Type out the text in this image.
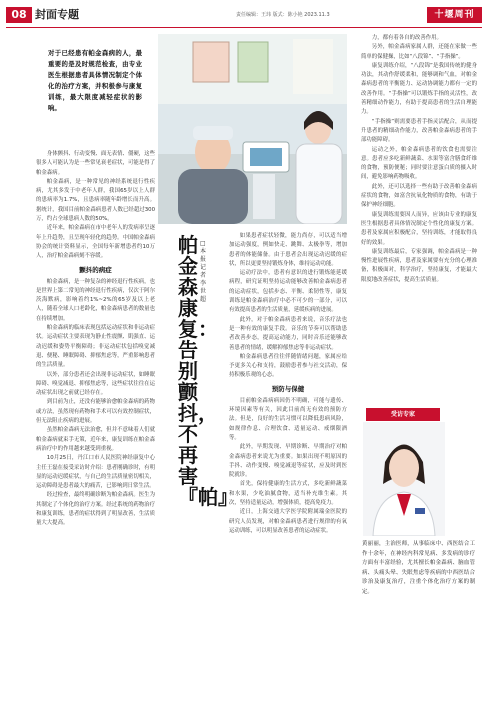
08 封面专题	责任编辑：王玮 版式：陈小艳 2023.11.3	十堰周刊
对于已经患有帕金森病的人，最重要的是及时规范检查，由专业医生根据患者具体情况制定个体化的治疗方案，并积极参与康复训练，最大限度减轻症状的影响。

身体颤抖、行动变慢、面无表情、僵硬，这些很多人可能认为是一些常见衰老症状，可能是得了帕金森病。

帕金森病，是一种常见的神经系统退行性疾病，尤其多发于中老年人群，我国65岁以上人群的患病率为1.7%，且患病率随年龄增长而升高。据统计，我国目前帕金森病患者人数已经超过300万，约占全球患病人数的50%。

近年来，帕金森病在市中老年人的发病率呈逐年上升趋势，且呈现年轻化的趋势。中国帕金森病协会的统计资料显示，全国每年新增患者约10万人，治疗帕金森病刻不容缓。

颤抖的病症

帕金森病，是一种复杂的神经退行性疾病，也是世界上第二常见的神经退行性疾病，仅次于阿尔茨海默病，影响着约1%~2%的65岁及以上老人，随着全球人口老龄化，帕金森病患者的数量也在持续增加。

帕金森病的临床表现包括运动症状和非运动症状。运动症状主要表现为静止性震颤、肌强直、运动迟缓和姿势平衡障碍；非运动症状包括嗅觉减退、便秘、睡眠障碍、抑郁焦虑等，严重影响患者的生活质量。

以外，部分患者还会出现非运动症状，如睡眠障碍、嗅觉减退、抑郁焦虑等，这些症状往往在运动症状出现之前就已经存在。

到目前为止，还没有能够治愈帕金森病的药物或方法，虽然现有药物和手术可以有效控制症状，但无法阻止疾病的进展。

虽然帕金森病无法治愈，但并不意味着人们就帕金森病就束手无策，近年来，康复训练在帕金森病治疗中的作用越来越受到重视。

10月25日，丹江口市人民医院神经康复中心主任王磊在接受采访时介绍：患者刚确诊时，有明显的运动迟缓症状，与自己的生活质量密切相关，运动障碍是患者最大的痛苦，已影响到日常生活。

经过检查，最终明确诊断为帕金森病。医生为其制定了个体化的治疗方案。经过系统的药物治疗和康复训练，患者的症状得到了明显改善，生活质量大大提高。

帕金森康复：告别颤抖，不再害『帕』
□本报记者 李世超

如果患者症状轻微，能力尚存，可以适当增加运动强度，例如快走、跳舞、太极拳等，增加患者的体能储备。由于患者会出现运动迟缓的症状，所以更要坚持锻炼身体，维持运动功能。

运动疗法中，患者有意识的进行锻炼能延缓病程，研究证明坚持运动能够改善帕金森病患者的运动症状，包括步态、平衡、柔韧性等，康复训练是帕金森病治疗中必不可少的一部分，可以有效提高患者的生活质量，延缓疾病的进展。

此外，对于帕金森病患者来说，音乐疗法也是一种有效的康复手段。音乐的节奏可以帮助患者改善步态，提高运动能力，同时音乐还能够改善患者的情绪，缓解抑郁焦虑等非运动症状。

帕金森病患者往往伴随情绪问题，家属应给予更多关心和支持，鼓励患者参与社交活动，保持积极乐观的心态。

预防与保健

目前帕金森病病因仍不明确，可能与遗传、环境因素等有关，因此目前尚无有效的预防方法。但是，良好的生活习惯可以降低患病风险，如规律作息、合理饮食、适量运动、戒烟限酒等。

此外，早期发现、早期诊断、早期治疗对帕金森病患者来说尤为重要。如果出现不明原因的手抖、动作变慢、嗅觉减退等症状，应及时到医院就诊。

首先，保持健康的生活方式，多吃新鲜蔬菜和水果，少吃油腻食物，适当补充维生素。其次，坚持适量运动，增强体质，提高免疫力。

近日，上海交通大学医学院附属瑞金医院的研究人员发现，对帕金森病患者进行规律的有氧运动训练，可以明显改善患者的运动症状。

力，都有着各自的改善作用。

另外，帕金森病家属人群，还能在家做一些简单的保健操，比如“八段锦”、“手指操”。

康复训练介绍，“八段锦”是我国传统的健身功法，其动作舒缓柔和，能够调和气血，对帕金森病患者的平衡能力、运动协调能力都有一定的改善作用。“手指操”可以锻炼手指的灵活性，改善精细动作能力，有助于提高患者的生活自理能力。

“手指操”则需要患者手指灵活配合，从而提升患者的精细动作能力，改善帕金森病患者的手部功能障碍。

运动之外，帕金森病患者的饮食也需要注意。患者应多吃新鲜蔬菜、水果等富含膳食纤维的食物，预防便秘；同时要注意蛋白质的摄入时间，避免影响药物吸收。

此外，还可以选择一些有助于改善帕金森病症状的食物，如富含抗氧化物质的食物，有助于保护神经细胞。

康复训练需要因人而异，应该由专业的康复医生根据患者具体情况制定个性化的康复方案。患者及家属应积极配合，坚持训练，才能取得良好的效果。

康复训练最后，专家强调，帕金森病是一种慢性进展性疾病，患者及家属要有充分的心理准备，积极面对，科学治疗，坚持康复，才能最大限度地改善症状，提高生活质量。

受访专家
黄丽丽，主治医师，从事临床中、西医结合工作十余年，在神经内科常见病、多发病的诊疗方面有丰富经验，尤其擅长帕金森病、脑血管病、头痛头晕、失眠焦虑等疾病的中西医结合诊治及康复治疗，注重个体化治疗方案的制定。
